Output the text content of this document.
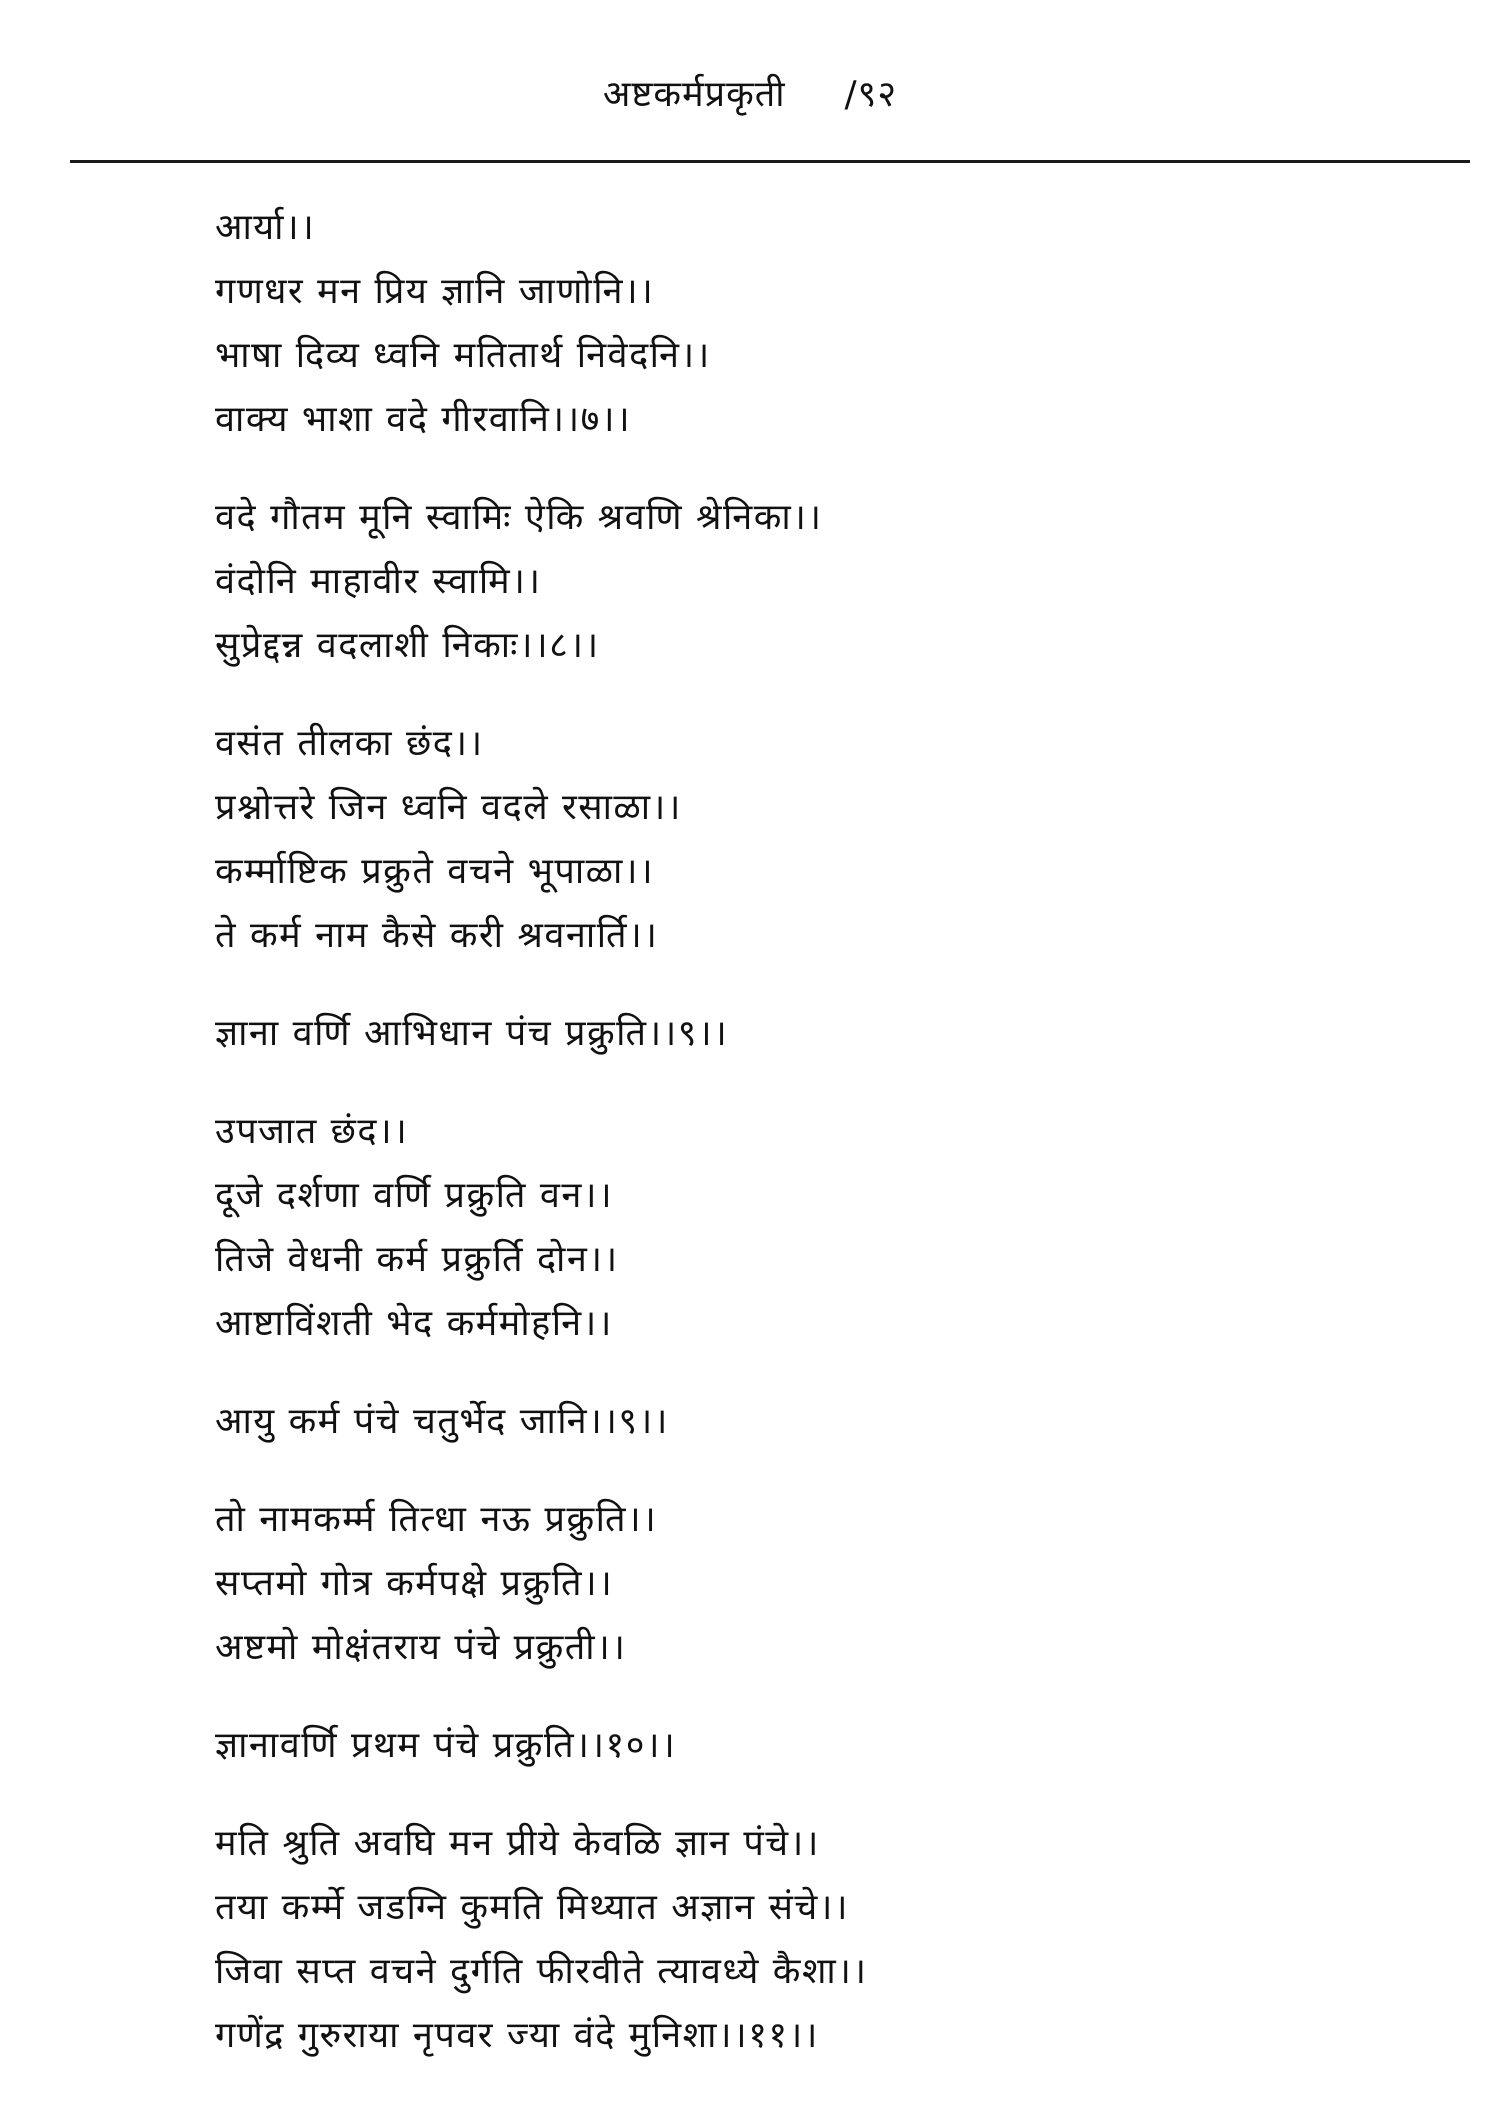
अष्टकर्मप्रकृती /९२
आर्या।।
गणधर मन प्रिय ज्ञानि जाणोनि।।
भाषा दिव्य ध्वनि मतितार्थ निवेदनि।।
वाक्य भाशा वदे गीरवानि।।७।।
वदे गौतम मूनि स्वामिः ऐकि श्रवणि श्रेनिका।।
वंदोनि माहावीर स्वामि।।
सुप्रेद्दन्न वदलाशी निकाः।।८।।
वसंत तीलका छंद।।
प्रश्नोत्तरे जिन ध्वनि वदले रसाळा।।
कर्म्माष्टिक प्रक्रुते वचने भूपाळा।।
ते कर्म नाम कैसे करी श्रवनार्ति।।
ज्ञाना वर्णि आभिधान पंच प्रक्रुति।।९।।
उपजात छंद।।
दूजे दर्शणा वर्णि प्रक्रुति वन।।
तिजे वेधनी कर्म प्रक्रुर्ति दोन।।
आष्टाविंशती भेद कर्ममोहनि।।
आयु कर्म पंचे चतुर्भेद जानि।।९।।
तो नामकर्म्म तित्धा नऊ प्रक्रुति।।
सप्तमो गोत्र कर्मपक्षे प्रक्रुति।।
अष्टमो मोक्षंतराय पंचे प्रक्रुती।।
ज्ञानावर्णि प्रथम पंचे प्रक्रुति।।१०।।
मति श्रुति अवघि मन प्रीये केवळि ज्ञान पंचे।।
तया कर्म्मे जडग्नि कुमति मिथ्यात अज्ञान संचे।।
जिवा सप्त वचने दुर्गति फीरवीते त्यावध्ये कैशा।।
गणेंद्र गुरुराया नृपवर ज्या वंदे मुनिशा।।११।।
